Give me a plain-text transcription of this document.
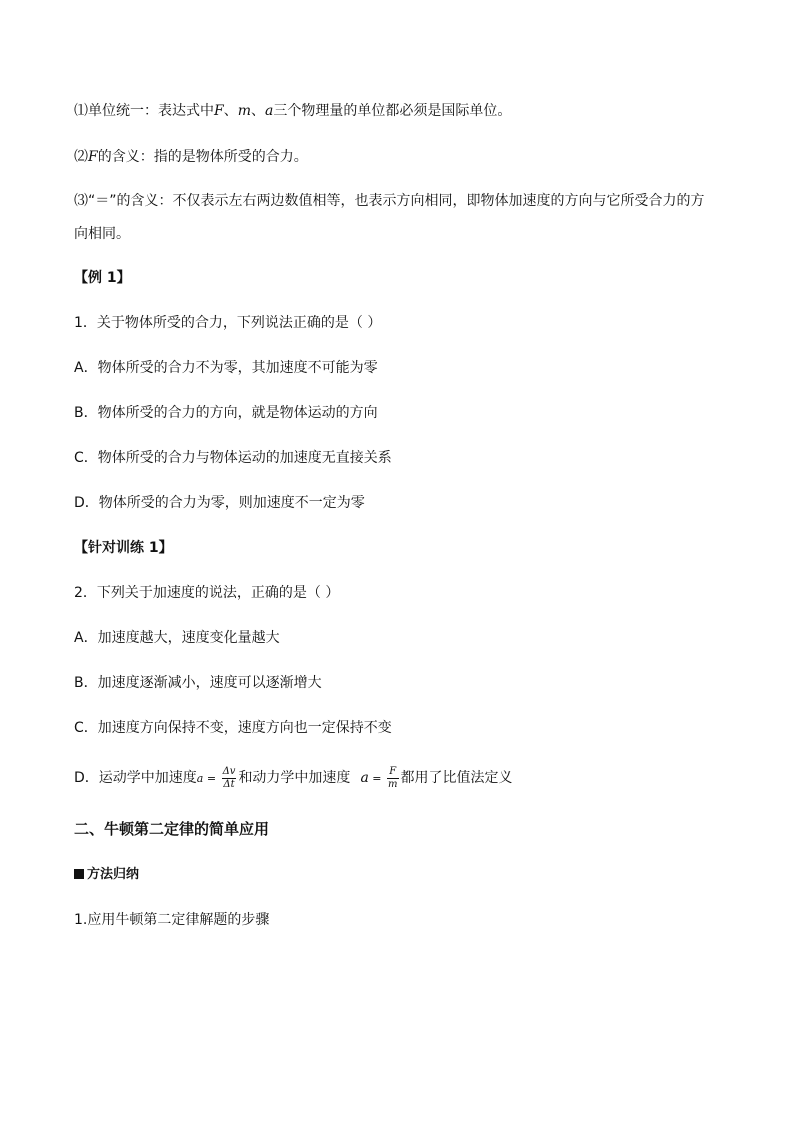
⑴单位统一：表达式中F、m、a三个物理量的单位都必须是国际单位。
⑵F的含义：指的是物体所受的合力。
⑶“＝”的含义：不仅表示左右两边数值相等，也表示方向相同，即物体加速度的方向与它所受合力的方
向相同。
【例 1】
1．关于物体所受的合力，下列说法正确的是（ ）
A．物体所受的合力不为零，其加速度不可能为零
B．物体所受的合力的方向，就是物体运动的方向
C．物体所受的合力与物体运动的加速度无直接关系
D．物体所受的合力为零，则加速度不一定为零
【针对训练 1】
2．下列关于加速度的说法，正确的是（ ）
A．加速度越大，速度变化量越大
B．加速度逐渐减小，速度可以逐渐增大
C．加速度方向保持不变，速度方向也一定保持不变
D．运动学中加速度$a = \frac{\Delta v}{\Delta t}$ 和动力学中加速度 $a = \frac{F}{m}$ 都用了比值法定义
二、牛顿第二定律的简单应用
方法归纳
1.应用牛顿第二定律解题的步骤
